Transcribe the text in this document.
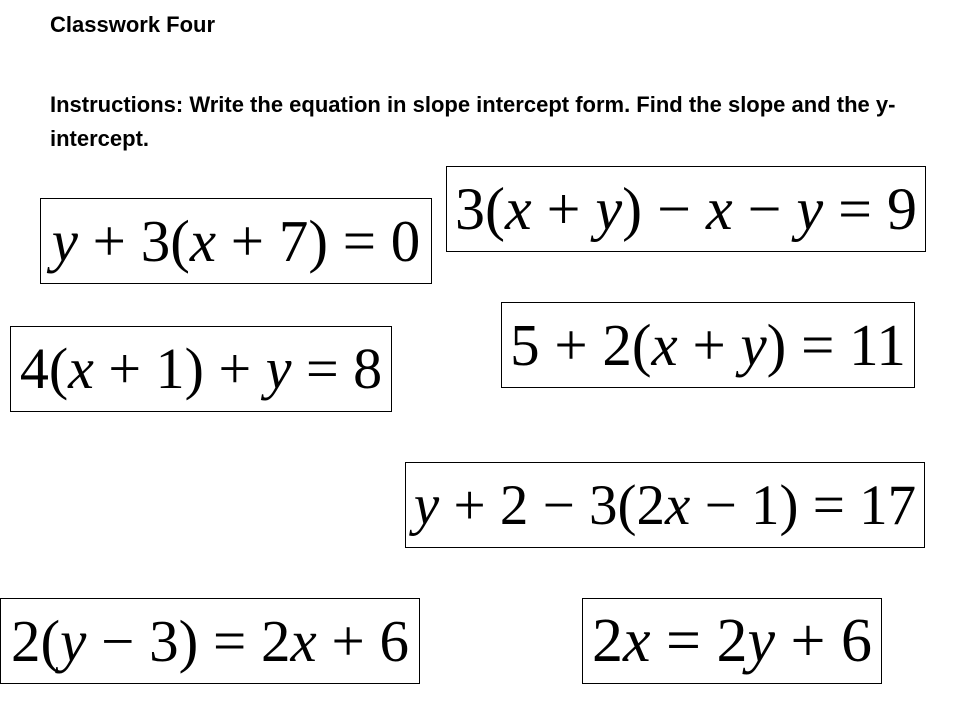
Classwork Four
Instructions: Write the equation in slope intercept form. Find the slope and the y-intercept.
y + 3(x + 7) = 0 3(x + y) − x − y = 9
4(x + 1) + y = 8 5 + 2(x + y) = 11
y + 2 − 3(2x − 1) = 17
2(y − 3) = 2x + 6	2x = 2y + 6
